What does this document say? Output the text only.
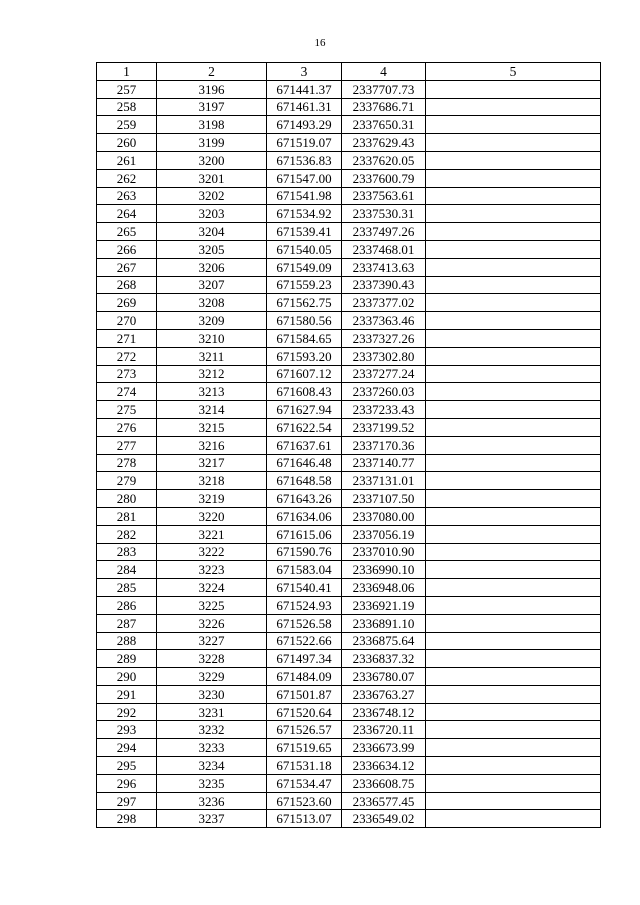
16
1	2	3	4	5
257	3196	671441.37	2337707.73	
258	3197	671461.31	2337686.71	
259	3198	671493.29	2337650.31	
260	3199	671519.07	2337629.43	
261	3200	671536.83	2337620.05	
262	3201	671547.00	2337600.79	
263	3202	671541.98	2337563.61	
264	3203	671534.92	2337530.31	
265	3204	671539.41	2337497.26	
266	3205	671540.05	2337468.01	
267	3206	671549.09	2337413.63	
268	3207	671559.23	2337390.43	
269	3208	671562.75	2337377.02	
270	3209	671580.56	2337363.46	
271	3210	671584.65	2337327.26	
272	3211	671593.20	2337302.80	
273	3212	671607.12	2337277.24	
274	3213	671608.43	2337260.03	
275	3214	671627.94	2337233.43	
276	3215	671622.54	2337199.52	
277	3216	671637.61	2337170.36	
278	3217	671646.48	2337140.77	
279	3218	671648.58	2337131.01	
280	3219	671643.26	2337107.50	
281	3220	671634.06	2337080.00	
282	3221	671615.06	2337056.19	
283	3222	671590.76	2337010.90	
284	3223	671583.04	2336990.10	
285	3224	671540.41	2336948.06	
286	3225	671524.93	2336921.19	
287	3226	671526.58	2336891.10	
288	3227	671522.66	2336875.64	
289	3228	671497.34	2336837.32	
290	3229	671484.09	2336780.07	
291	3230	671501.87	2336763.27	
292	3231	671520.64	2336748.12	
293	3232	671526.57	2336720.11	
294	3233	671519.65	2336673.99	
295	3234	671531.18	2336634.12	
296	3235	671534.47	2336608.75	
297	3236	671523.60	2336577.45	
298	3237	671513.07	2336549.02	
